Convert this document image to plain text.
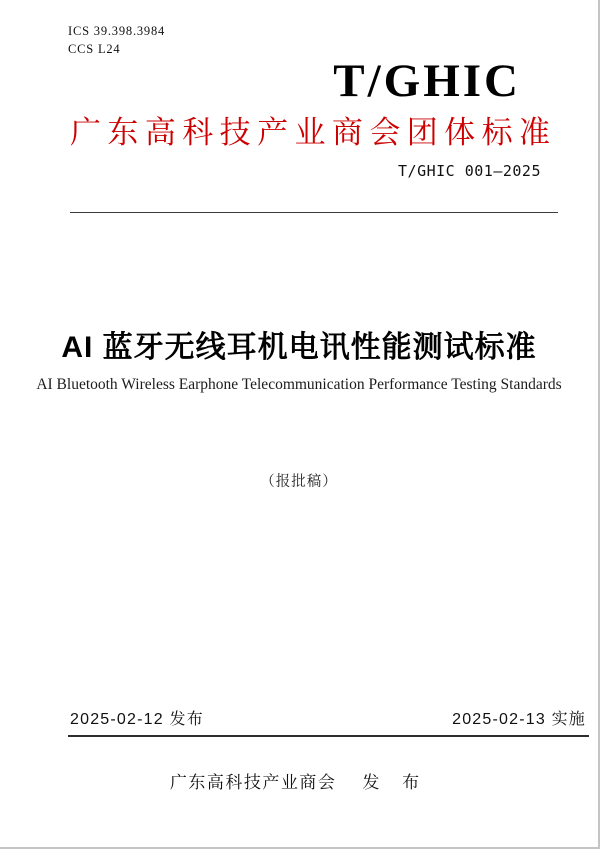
ICS 39.398.3984
CCS L24
T/GHIC
广东高科技产业商会团体标准
T/GHIC 001—2025
AI 蓝牙无线耳机电讯性能测试标准
AI Bluetooth Wireless Earphone Telecommunication Performance Testing Standards
（报批稿）
2025-02-12 发布	2025-02-13 实施
广东高科技产业商会 发 布
